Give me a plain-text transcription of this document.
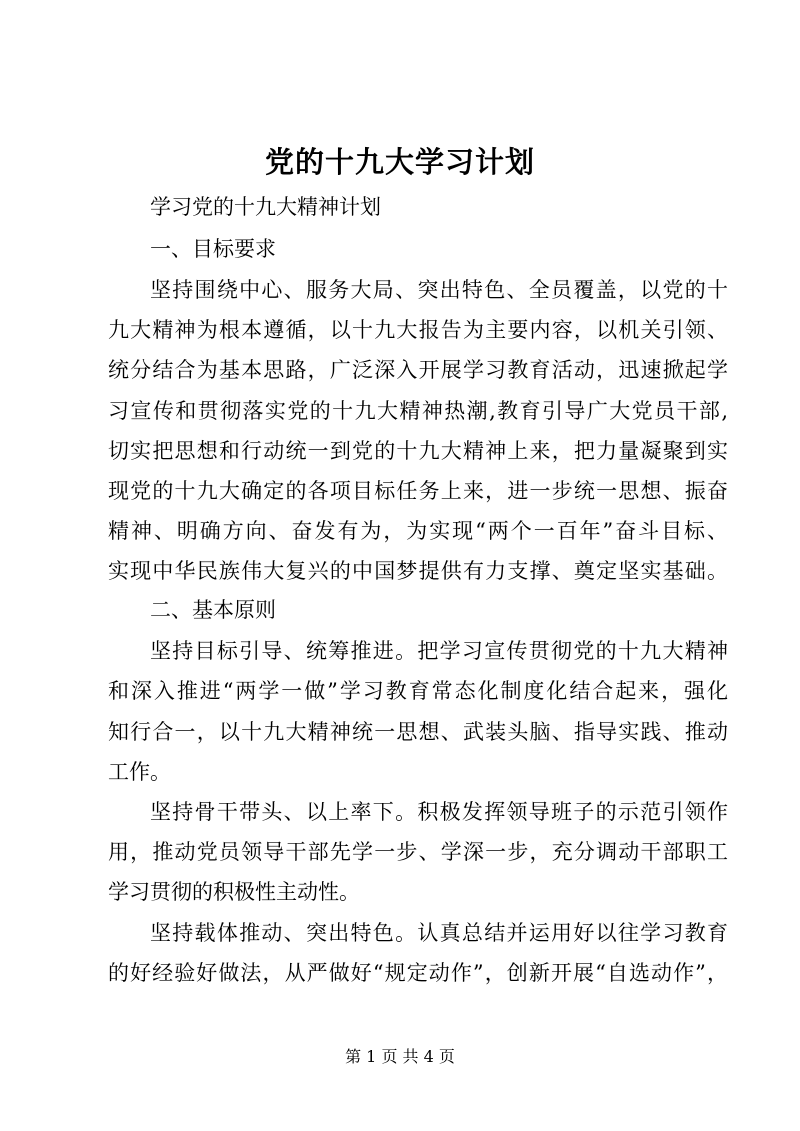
党的十九大学习计划
学习党的十九大精神计划
一、目标要求
坚持围绕中心、服务大局、突出特色、全员覆盖，以党的十
九大精神为根本遵循，以十九大报告为主要内容，以机关引领、
统分结合为基本思路，广泛深入开展学习教育活动，迅速掀起学
习宣传和贯彻落实党的十九大精神热潮,教育引导广大党员干部,
切实把思想和行动统一到党的十九大精神上来，把力量凝聚到实
现党的十九大确定的各项目标任务上来，进一步统一思想、振奋
精神、明确方向、奋发有为，为实现“两个一百年”奋斗目标、
实现中华民族伟大复兴的中国梦提供有力支撑、奠定坚实基础。
二、基本原则
坚持目标引导、统筹推进。把学习宣传贯彻党的十九大精神
和深入推进“两学一做”学习教育常态化制度化结合起来，强化
知行合一，以十九大精神统一思想、武装头脑、指导实践、推动
工作。
坚持骨干带头、以上率下。积极发挥领导班子的示范引领作
用，推动党员领导干部先学一步、学深一步，充分调动干部职工
学习贯彻的积极性主动性。
坚持载体推动、突出特色。认真总结并运用好以往学习教育
的好经验好做法，从严做好“规定动作”，创新开展“自选动作”，
第 1 页 共 4 页
